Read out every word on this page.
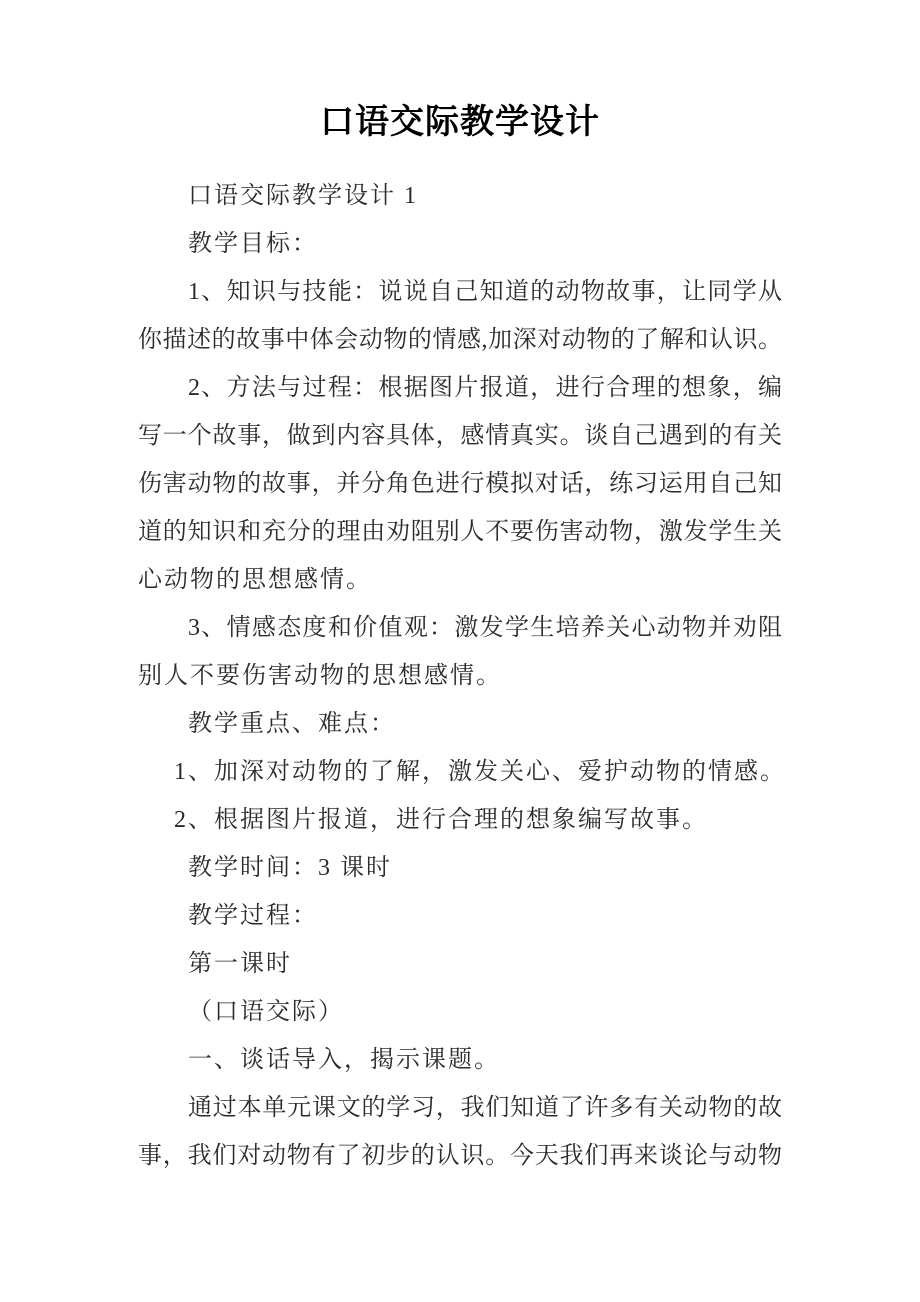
口语交际教学设计
口语交际教学设计 1
教学目标：
1、知识与技能：说说自己知道的动物故事，让同学从
你描述的故事中体会动物的情感,加深对动物的了解和认识。
2、方法与过程：根据图片报道，进行合理的想象，编
写一个故事，做到内容具体，感情真实。谈自己遇到的有关
伤害动物的故事，并分角色进行模拟对话，练习运用自己知
道的知识和充分的理由劝阻别人不要伤害动物，激发学生关
心动物的思想感情。
3、情感态度和价值观：激发学生培养关心动物并劝阻
别人不要伤害动物的思想感情。
教学重点、难点：
1、加深对动物的了解，激发关心、爱护动物的情感。
2、根据图片报道，进行合理的想象编写故事。
教学时间：3 课时
教学过程：
第一课时
（口语交际）
一、谈话导入，揭示课题。
通过本单元课文的学习，我们知道了许多有关动物的故
事，我们对动物有了初步的认识。今天我们再来谈论与动物
